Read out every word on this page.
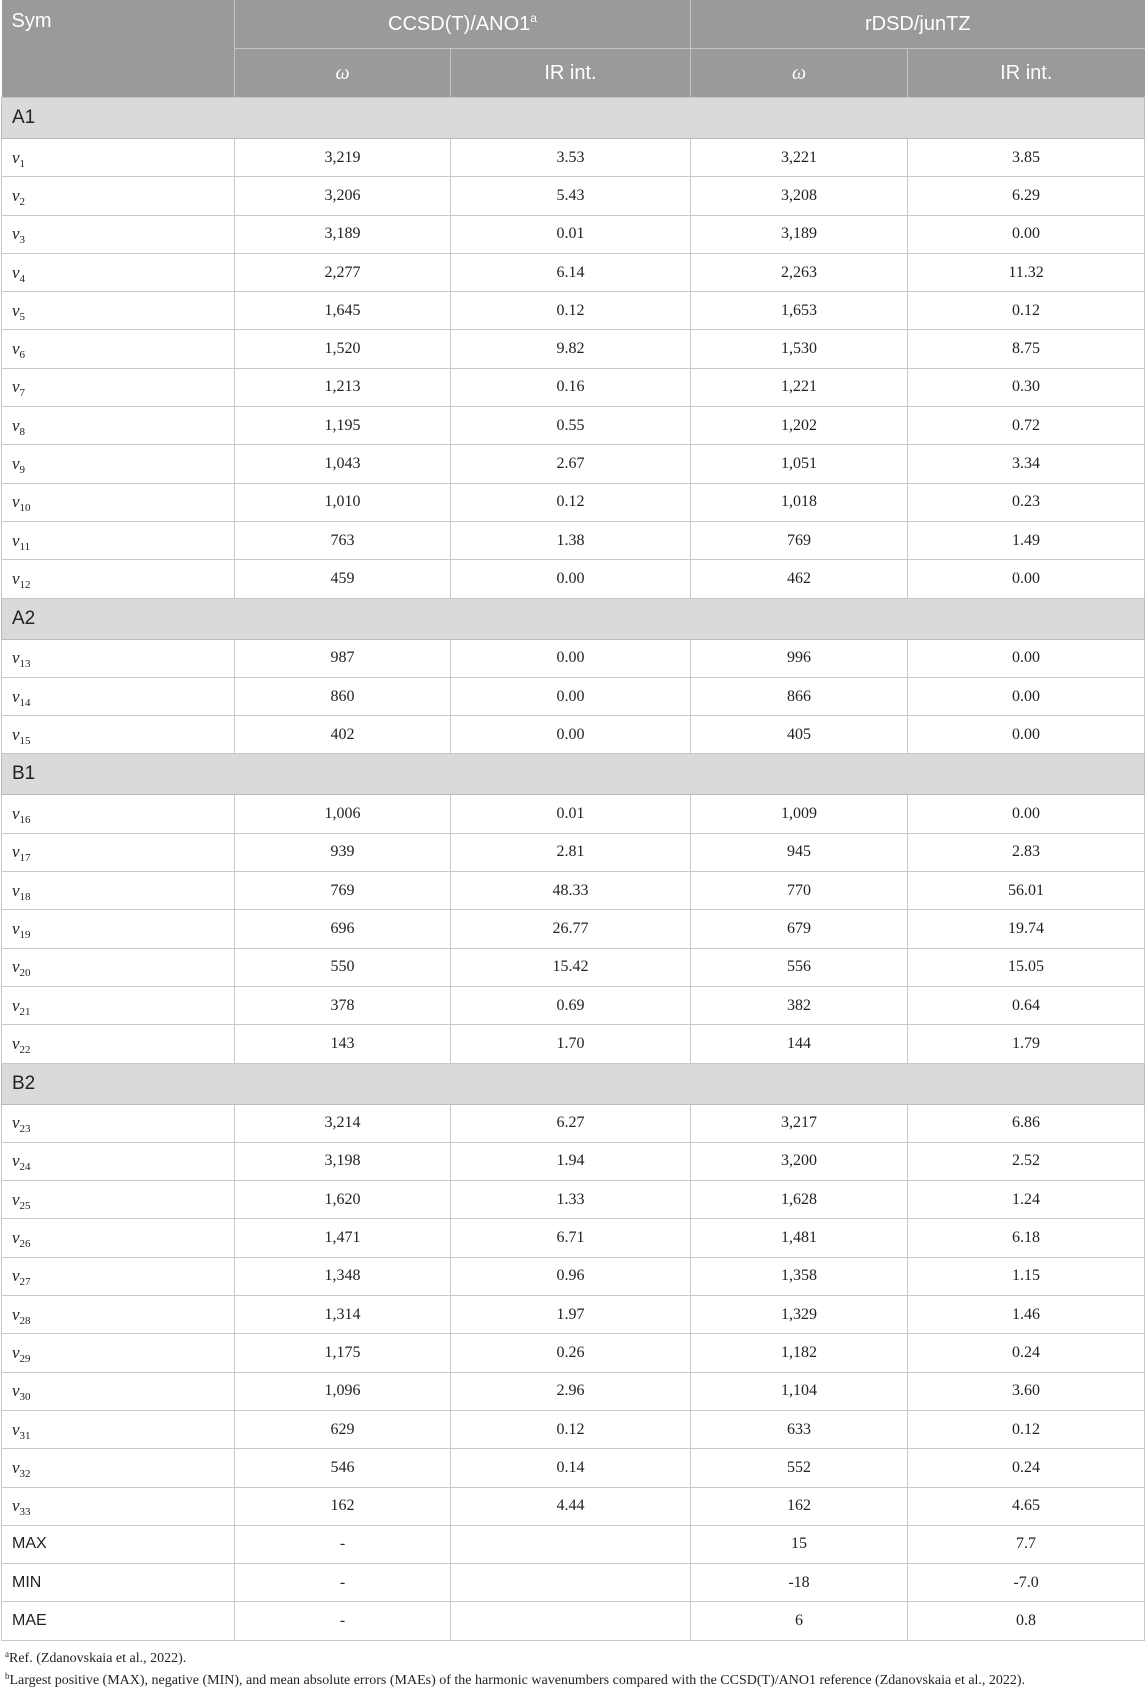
Sym	CCSD(T)/ANO1$^a$		rDSD/junTZ	
	ω	IR int.	ω	IR int.
A1				
$\nu_1$	3,219	3.53	3,221	3.85
$\nu_2$	3,206	5.43	3,208	6.29
$\nu_3$	3,189	0.01	3,189	0.00
$\nu_4$	2,277	6.14	2,263	11.32
$\nu_5$	1,645	0.12	1,653	0.12
$\nu_6$	1,520	9.82	1,530	8.75
$\nu_7$	1,213	0.16	1,221	0.30
$\nu_8$	1,195	0.55	1,202	0.72
$\nu_9$	1,043	2.67	1,051	3.34
$\nu_{10}$	1,010	0.12	1,018	0.23
$\nu_{11}$	763	1.38	769	1.49
$\nu_{12}$	459	0.00	462	0.00
A2				
$\nu_{13}$	987	0.00	996	0.00
$\nu_{14}$	860	0.00	866	0.00
$\nu_{15}$	402	0.00	405	0.00
B1				
$\nu_{16}$	1,006	0.01	1,009	0.00
$\nu_{17}$	939	2.81	945	2.83
$\nu_{18}$	769	48.33	770	56.01
$\nu_{19}$	696	26.77	679	19.74
$\nu_{20}$	550	15.42	556	15.05
$\nu_{21}$	378	0.69	382	0.64
$\nu_{22}$	143	1.70	144	1.79
B2				
$\nu_{23}$	3,214	6.27	3,217	6.86
$\nu_{24}$	3,198	1.94	3,200	2.52
$\nu_{25}$	1,620	1.33	1,628	1.24
$\nu_{26}$	1,471	6.71	1,481	6.18
$\nu_{27}$	1,348	0.96	1,358	1.15
$\nu_{28}$	1,314	1.97	1,329	1.46
$\nu_{29}$	1,175	0.26	1,182	0.24
$\nu_{30}$	1,096	2.96	1,104	3.60
$\nu_{31}$	629	0.12	633	0.12
$\nu_{32}$	546	0.14	552	0.24
$\nu_{33}$	162	4.44	162	4.65
MAX	-		15	7.7
MIN	-		-18	-7.0
MAE	-		6	0.8
$^a$Ref. (Zdanovskaia et al., 2022).
$^b$Largest positive (MAX), negative (MIN), and mean absolute errors (MAEs) of the harmonic wavenumbers compared with the CCSD(T)/ANO1 reference (Zdanovskaia et al., 2022).
